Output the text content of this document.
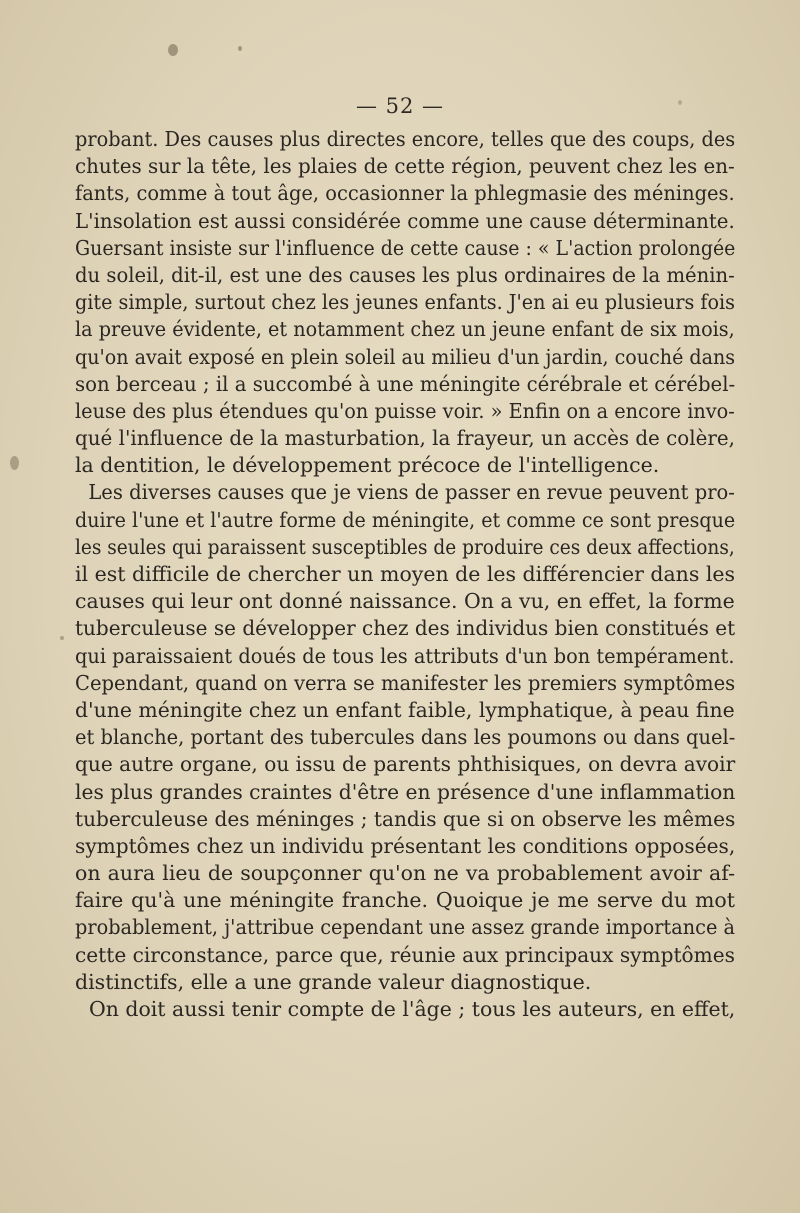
— 52 —
probant. Des causes plus directes encore, telles que des coups, des
chutes sur la tête, les plaies de cette région, peuvent chez les en-
fants, comme à tout âge, occasionner la phlegmasie des méninges.
L'insolation est aussi considérée comme une cause déterminante.
Guersant insiste sur l'influence de cette cause : « L'action prolongée
du soleil, dit-il, est une des causes les plus ordinaires de la ménin-
gite simple, surtout chez les jeunes enfants. J'en ai eu plusieurs fois
la preuve évidente, et notamment chez un jeune enfant de six mois,
qu'on avait exposé en plein soleil au milieu d'un jardin, couché dans
son berceau ; il a succombé à une méningite cérébrale et cérébel-
leuse des plus étendues qu'on puisse voir. » Enfin on a encore invo-
qué l'influence de la masturbation, la frayeur, un accès de colère,
la dentition, le développement précoce de l'intelligence.
Les diverses causes que je viens de passer en revue peuvent pro-
duire l'une et l'autre forme de méningite, et comme ce sont presque
les seules qui paraissent susceptibles de produire ces deux affections,
il est difficile de chercher un moyen de les différencier dans les
causes qui leur ont donné naissance. On a vu, en effet, la forme
tuberculeuse se développer chez des individus bien constitués et
qui paraissaient doués de tous les attributs d'un bon tempérament.
Cependant, quand on verra se manifester les premiers symptômes
d'une méningite chez un enfant faible, lymphatique, à peau fine
et blanche, portant des tubercules dans les poumons ou dans quel-
que autre organe, ou issu de parents phthisiques, on devra avoir
les plus grandes craintes d'être en présence d'une inflammation
tuberculeuse des méninges ; tandis que si on observe les mêmes
symptômes chez un individu présentant les conditions opposées,
on aura lieu de soupçonner qu'on ne va probablement avoir af-
faire qu'à une méningite franche. Quoique je me serve du mot
probablement, j'attribue cependant une assez grande importance à
cette circonstance, parce que, réunie aux principaux symptômes
distinctifs, elle a une grande valeur diagnostique.
On doit aussi tenir compte de l'âge ; tous les auteurs, en effet,
